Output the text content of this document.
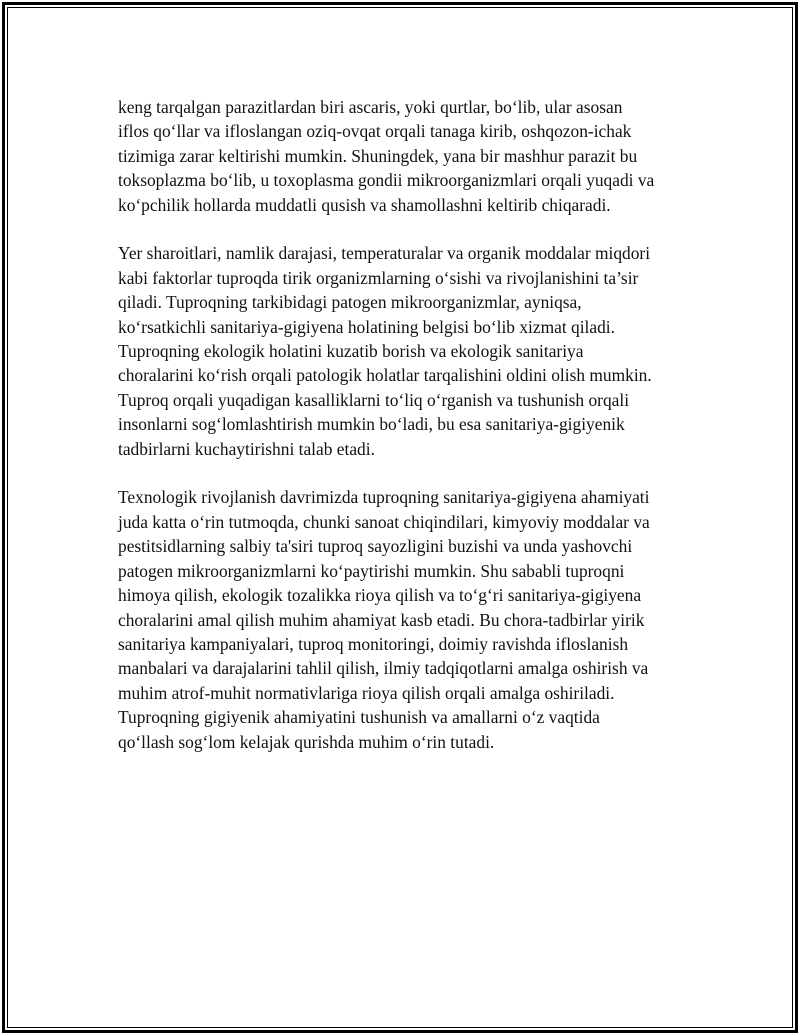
keng tarqalgan parazitlardan biri ascaris, yoki qurtlar, bo‘lib, ular asosan
iflos qo‘llar va ifloslangan oziq-ovqat orqali tanaga kirib, oshqozon-ichak
tizimiga zarar keltirishi mumkin. Shuningdek, yana bir mashhur parazit bu
toksoplazma bo‘lib, u toxoplasma gondii mikroorganizmlari orqali yuqadi va
ko‘pchilik hollarda muddatli qusish va shamollashni keltirib chiqaradi.

Yer sharoitlari, namlik darajasi, temperaturalar va organik moddalar miqdori
kabi faktorlar tuproqda tirik organizmlarning o‘sishi va rivojlanishini ta’sir
qiladi. Tuproqning tarkibidagi patogen mikroorganizmlar, ayniqsa,
ko‘rsatkichli sanitariya-gigiyena holatining belgisi bo‘lib xizmat qiladi.
Tuproqning ekologik holatini kuzatib borish va ekologik sanitariya
choralarini ko‘rish orqali patologik holatlar tarqalishini oldini olish mumkin.
Tuproq orqali yuqadigan kasalliklarni to‘liq o‘rganish va tushunish orqali
insonlarni sog‘lomlashtirish mumkin bo‘ladi, bu esa sanitariya-gigiyenik
tadbirlarni kuchaytirishni talab etadi.

Texnologik rivojlanish davrimizda tuproqning sanitariya-gigiyena ahamiyati
juda katta o‘rin tutmoqda, chunki sanoat chiqindilari, kimyoviy moddalar va
pestitsidlarning salbiy ta'siri tuproq sayozligini buzishi va unda yashovchi
patogen mikroorganizmlarni ko‘paytirishi mumkin. Shu sababli tuproqni
himoya qilish, ekologik tozalikka rioya qilish va to‘g‘ri sanitariya-gigiyena
choralarini amal qilish muhim ahamiyat kasb etadi. Bu chora-tadbirlar yirik
sanitariya kampaniyalari, tuproq monitoringi, doimiy ravishda ifloslanish
manbalari va darajalarini tahlil qilish, ilmiy tadqiqotlarni amalga oshirish va
muhim atrof-muhit normativlariga rioya qilish orqali amalga oshiriladi.
Tuproqning gigiyenik ahamiyatini tushunish va amallarni o‘z vaqtida
qo‘llash sog‘lom kelajak qurishda muhim o‘rin tutadi.
